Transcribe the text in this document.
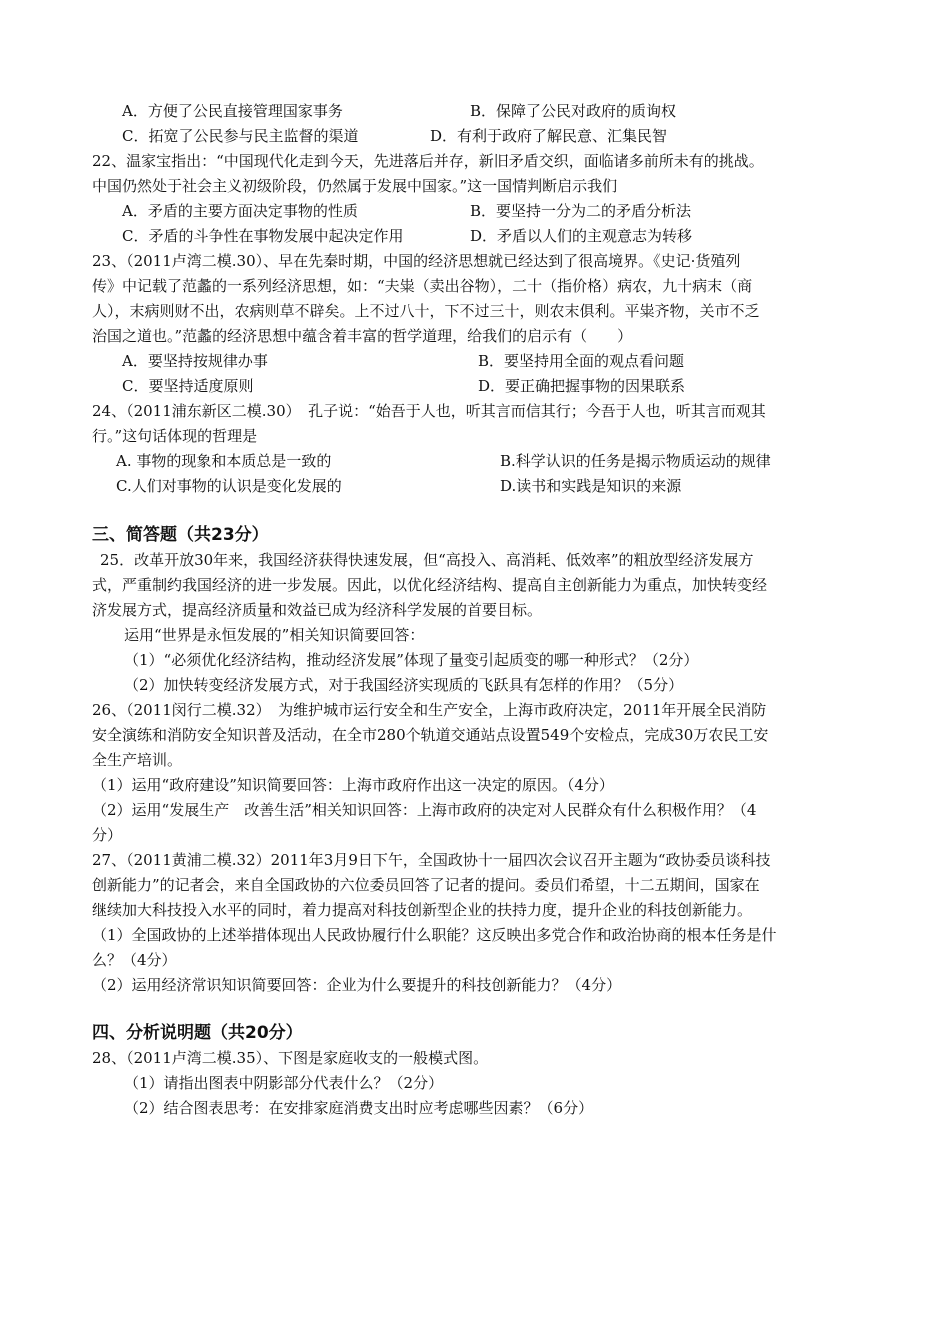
A．方便了公民直接管理国家事务	B．保障了公民对政府的质询权
C．拓宽了公民参与民主监督的渠道	D．有利于政府了解民意、汇集民智
22、温家宝指出：“中国现代化走到今天，先进落后并存，新旧矛盾交织，面临诸多前所未有的挑战。
中国仍然处于社会主义初级阶段，仍然属于发展中国家。”这一国情判断启示我们
A．矛盾的主要方面决定事物的性质	B．要坚持一分为二的矛盾分析法
C．矛盾的斗争性在事物发展中起决定作用	D．矛盾以人们的主观意志为转移
23、（2011卢湾二模.30）、早在先秦时期，中国的经济思想就已经达到了很高境界。《史记·货殖列
传》中记载了范蠡的一系列经济思想，如：“夫粜（卖出谷物），二十（指价格）病农，九十病末（商
人），末病则财不出，农病则草不辟矣。上不过八十，下不过三十，则农末俱利。平粜齐物，关市不乏
治国之道也。”范蠡的经济思想中蕴含着丰富的哲学道理，给我们的启示有（　　）
A．要坚持按规律办事	B．要坚持用全面的观点看问题
C．要坚持适度原则	D．要正确把握事物的因果联系
24、（2011浦东新区二模.30）　孔子说：“始吾于人也，听其言而信其行；今吾于人也，听其言而观其
行。”这句话体现的哲理是
A. 事物的现象和本质总是一致的	B.科学认识的任务是揭示物质运动的规律
C.人们对事物的认识是变化发展的	D.读书和实践是知识的来源
三、简答题（共23分）
25．改革开放30年来，我国经济获得快速发展，但“高投入、高消耗、低效率”的粗放型经济发展方
式，严重制约我国经济的进一步发展。因此，以优化经济结构、提高自主创新能力为重点，加快转变经
济发展方式，提高经济质量和效益已成为经济科学发展的首要目标。
运用“世界是永恒发展的”相关知识简要回答：
（1）“必须优化经济结构，推动经济发展”体现了量变引起质变的哪一种形式？（2分）
（2）加快转变经济发展方式，对于我国经济实现质的飞跃具有怎样的作用？（5分）
26、（2011闵行二模.32）　为维护城市运行安全和生产安全，上海市政府决定，2011年开展全民消防
安全演练和消防安全知识普及活动，在全市280个轨道交通站点设置549个安检点，完成30万农民工安
全生产培训。
（1）运用“政府建设”知识简要回答：上海市政府作出这一决定的原因。（4分）
（2）运用“发展生产　改善生活”相关知识回答：上海市政府的决定对人民群众有什么积极作用？（4
分）
27、（2011黄浦二模.32）2011年3月9日下午，全国政协十一届四次会议召开主题为“政协委员谈科技
创新能力”的记者会，来自全国政协的六位委员回答了记者的提问。委员们希望，十二五期间，国家在
继续加大科技投入水平的同时，着力提高对科技创新型企业的扶持力度，提升企业的科技创新能力。
（1）全国政协的上述举措体现出人民政协履行什么职能？这反映出多党合作和政治协商的根本任务是什
么？（4分）
（2）运用经济常识知识简要回答：企业为什么要提升的科技创新能力？（4分）
四、分析说明题（共20分）
28、（2011卢湾二模.35）、下图是家庭收支的一般模式图。
（1）请指出图表中阴影部分代表什么？（2分）
（2）结合图表思考：在安排家庭消费支出时应考虑哪些因素？（6分）
